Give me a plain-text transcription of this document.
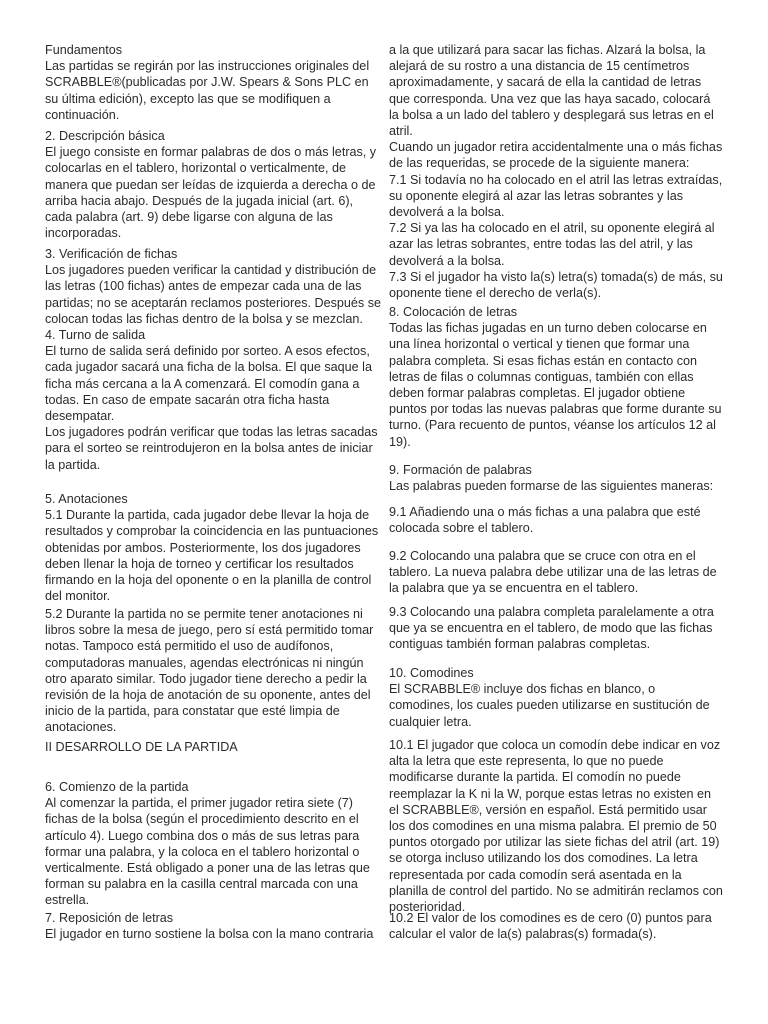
Fundamentos
Las partidas se regirán por las instrucciones originales del SCRABBLE®(publicadas por J.W. Spears & Sons PLC en su última edición), excepto las que se modifiquen a continuación.

2. Descripción básica
El juego consiste en formar palabras de dos o más letras, y colocarlas en el tablero, horizontal o verticalmente, de manera que puedan ser leídas de izquierda a derecha o de arriba hacia abajo. Después de la jugada inicial (art. 6), cada palabra (art. 9) debe ligarse con alguna de las incorporadas.

3. Verificación de fichas
Los jugadores pueden verificar la cantidad y distribución de las letras (100 fichas) antes de empezar cada una de las partidas; no se aceptarán reclamos posteriores. Después se colocan todas las fichas dentro de la bolsa y se mezclan.
4. Turno de salida
El turno de salida será definido por sorteo. A esos efectos, cada jugador sacará una ficha de la bolsa. El que saque la ficha más cercana a la A comenzará. El comodín gana a todas. En caso de empate sacarán otra ficha hasta desempatar.
Los jugadores podrán verificar que todas las letras sacadas para el sorteo se reintrodujeron en la bolsa antes de iniciar la partida.

5. Anotaciones
5.1 Durante la partida, cada jugador debe llevar la hoja de resultados y comprobar la coincidencia en las puntuaciones obtenidas por ambos. Posteriormente, los dos jugadores deben llenar la hoja de torneo y certificar los resultados firmando en la hoja del oponente o en la planilla de control del monitor.

5.2 Durante la partida no se permite tener anotaciones ni libros sobre la mesa de juego, pero sí está permitido tomar notas. Tampoco está permitido el uso de audífonos, computadoras manuales, agendas electrónicas ni ningún otro aparato similar. Todo jugador tiene derecho a pedir la revisión de la hoja de anotación de su oponente, antes del inicio de la partida, para constatar que esté limpia de anotaciones.

II DESARROLLO DE LA PARTIDA

6. Comienzo de la partida
Al comenzar la partida, el primer jugador retira siete (7) fichas de la bolsa (según el procedimiento descrito en el artículo 4). Luego combina dos o más de sus letras para formar una palabra, y la coloca en el tablero horizontal o verticalmente. Está obligado a poner una de las letras que forman su palabra en la casilla central marcada con una estrella.

7. Reposición de letras
El jugador en turno sostiene la bolsa con la mano contraria

a la que utilizará para sacar las fichas. Alzará la bolsa, la alejará de su rostro a una distancia de 15 centímetros aproximadamente, y sacará de ella la cantidad de letras que corresponda. Una vez que las haya sacado, colocará la bolsa a un lado del tablero y desplegará sus letras en el atril.
Cuando un jugador retira accidentalmente una o más fichas de las requeridas, se procede de la siguiente manera:
7.1 Si todavía no ha colocado en el atril las letras extraídas, su oponente elegirá al azar las letras sobrantes y las devolverá a la bolsa.
7.2 Si ya las ha colocado en el atril, su oponente elegirá al azar las letras sobrantes, entre todas las del atril, y las devolverá a la bolsa.
7.3 Si el jugador ha visto la(s) letra(s) tomada(s) de más, su oponente tiene el derecho de verla(s).

8. Colocación de letras
Todas las fichas jugadas en un turno deben colocarse en una línea horizontal o vertical y tienen que formar una palabra completa. Si esas fichas están en contacto con letras de filas o columnas contiguas, también con ellas deben formar palabras completas. El jugador obtiene puntos por todas las nuevas palabras que forme durante su turno. (Para recuento de puntos, véanse los artículos 12 al 19).

9. Formación de palabras
Las palabras pueden formarse de las siguientes maneras:

9.1 Añadiendo una o más fichas a una palabra que esté colocada sobre el tablero.

9.2 Colocando una palabra que se cruce con otra en el tablero. La nueva palabra debe utilizar una de las letras de la palabra que ya se encuentra en el tablero.

9.3 Colocando una palabra completa paralelamente a otra que ya se encuentra en el tablero, de modo que las fichas contiguas también forman palabras completas.

10. Comodines
El SCRABBLE® incluye dos fichas en blanco, o comodines, los cuales pueden utilizarse en sustitución de cualquier letra.

10.1 El jugador que coloca un comodín debe indicar en voz alta la letra que este representa, lo que no puede modificarse durante la partida. El comodín no puede reemplazar la K ni la W, porque estas letras no existen en el SCRABBLE®, versión en español. Está permitido usar los dos comodines en una misma palabra. El premio de 50 puntos otorgado por utilizar las siete fichas del atril (art. 19) se otorga incluso utilizando los dos comodines. La letra representada por cada comodín será asentada en la planilla de control del partido. No se admitirán reclamos con posterioridad.

10.2 El valor de los comodines es de cero (0) puntos para calcular el valor de la(s) palabras(s) formada(s).
